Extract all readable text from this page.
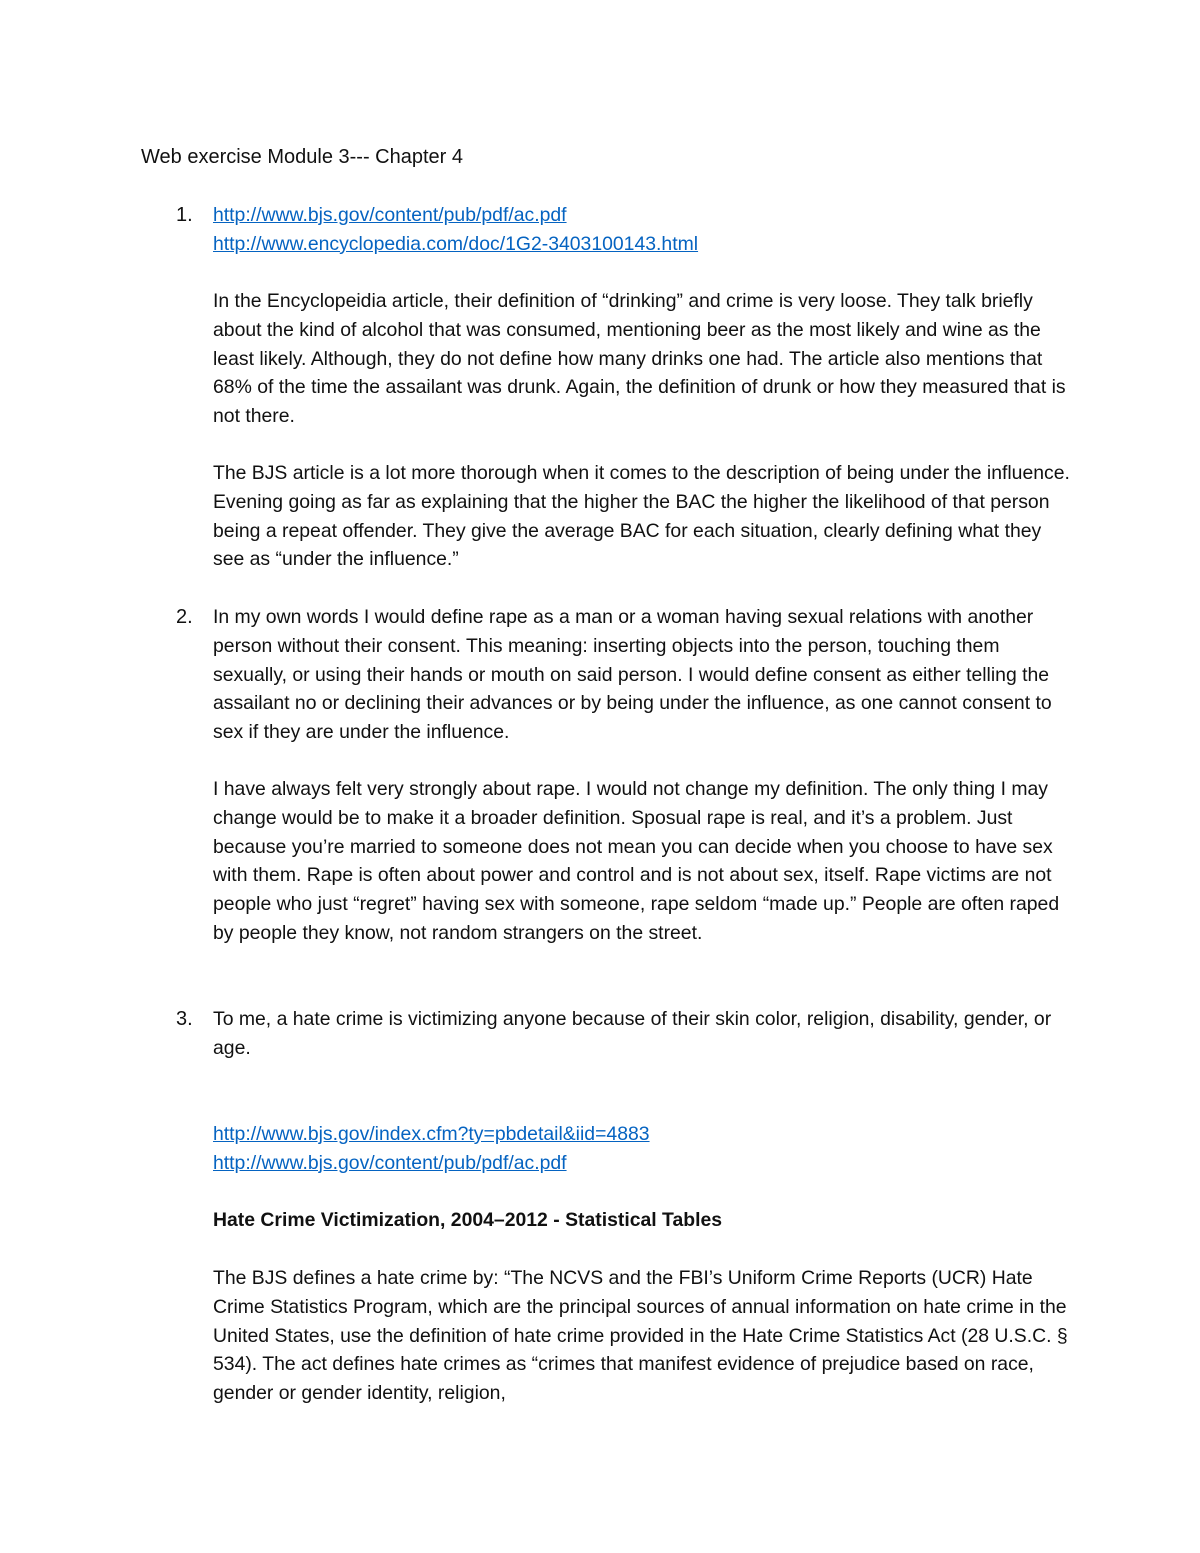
Web exercise Module 3--- Chapter 4
1. http://www.bjs.gov/content/pub/pdf/ac.pdf
http://www.encyclopedia.com/doc/1G2-3403100143.html

In the Encyclopeidia article, their definition of “drinking” and crime is very loose. They talk briefly about the kind of alcohol that was consumed, mentioning beer as the most likely and wine as the least likely. Although, they do not define how many drinks one had. The article also mentions that 68% of the time the assailant was drunk. Again, the definition of drunk or how they measured that is not there.

The BJS article is a lot more thorough when it comes to the description of being under the influence. Evening going as far as explaining that the higher the BAC the higher the likelihood of that person being a repeat offender. They give the average BAC for each situation, clearly defining what they see as “under the influence.”

2. In my own words I would define rape as a man or a woman having sexual relations with another person without their consent. This meaning: inserting objects into the person, touching them sexually, or using their hands or mouth on said person. I would define consent as either telling the assailant no or declining their advances or by being under the influence, as one cannot consent to sex if they are under the influence.

I have always felt very strongly about rape. I would not change my definition. The only thing I may change would be to make it a broader definition. Sposual rape is real, and it’s a problem. Just because you’re married to someone does not mean you can decide when you choose to have sex with them. Rape is often about power and control and is not about sex, itself. Rape victims are not people who just “regret” having sex with someone, rape seldom “made up.” People are often raped by people they know, not random strangers on the street.

3. To me, a hate crime is victimizing anyone because of their skin color, religion, disability, gender, or age.

http://www.bjs.gov/index.cfm?ty=pbdetail&iid=4883
http://www.bjs.gov/content/pub/pdf/ac.pdf

Hate Crime Victimization, 2004–2012 - Statistical Tables

The BJS defines a hate crime by: “The NCVS and the FBI’s Uniform Crime Reports (UCR) Hate Crime Statistics Program, which are the principal sources of annual information on hate crime in the United States, use the definition of hate crime provided in the Hate Crime Statistics Act (28 U.S.C. § 534). The act defines hate crimes as “crimes that manifest evidence of prejudice based on race, gender or gender identity, religion,
